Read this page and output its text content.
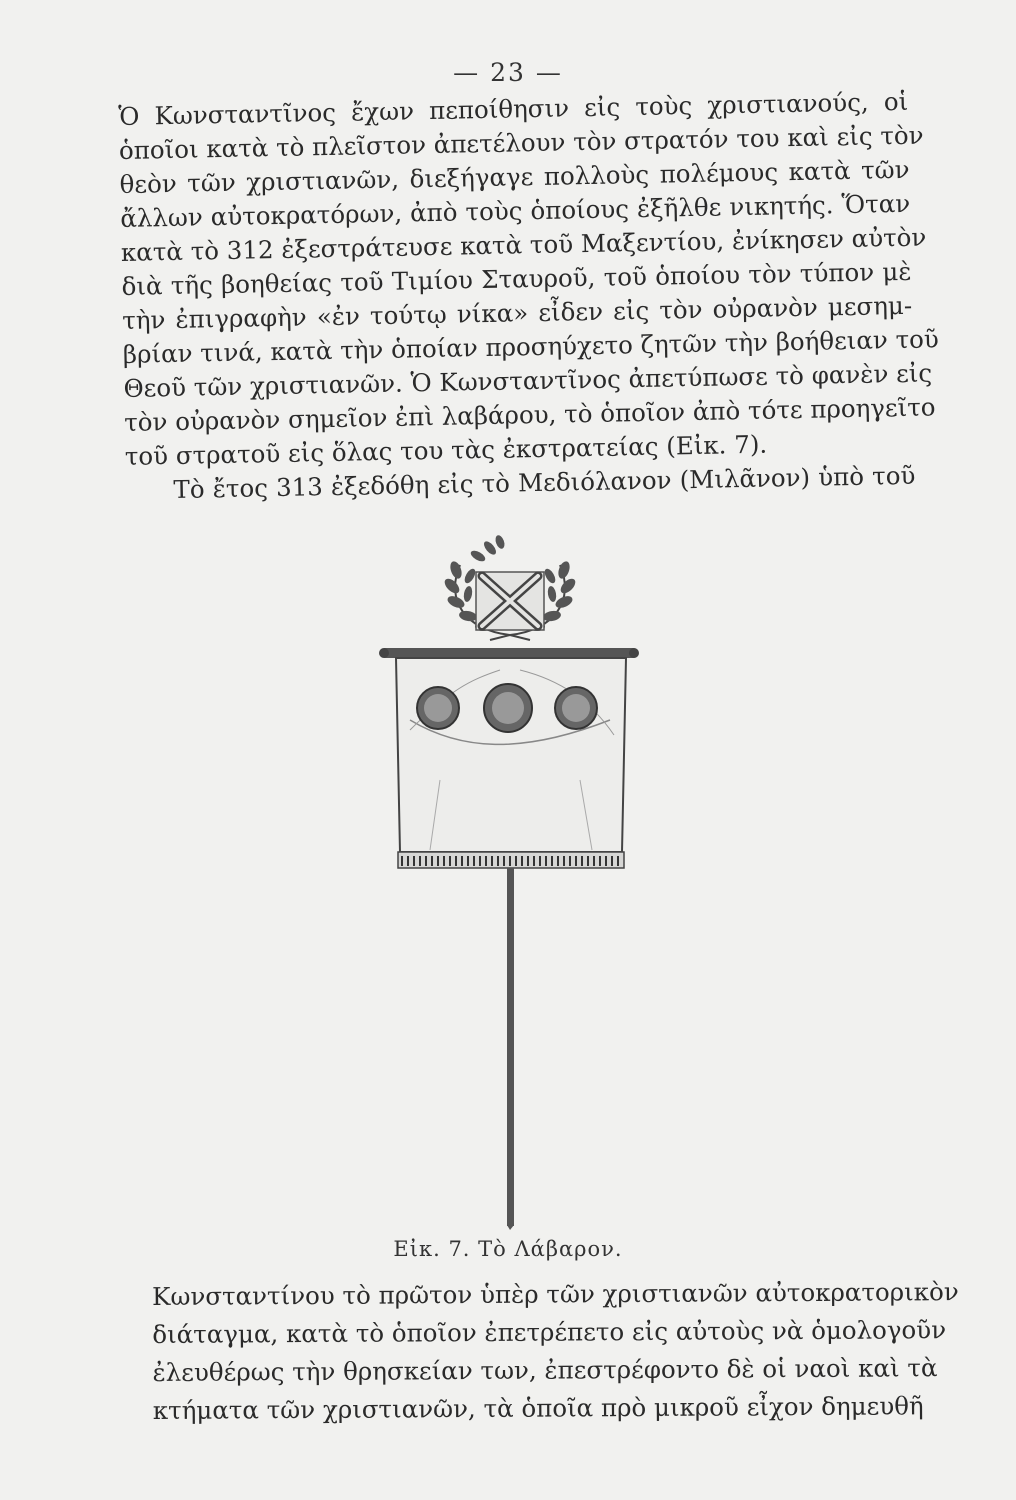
— 23 —
Ὁ Κωνσταντῖνος ἔχων πεποίθησιν εἰς τοὺς χριστιανούς, οἱ
ὁποῖοι κατὰ τὸ πλεῖστον ἀπετέλουν τὸν στρατόν του καὶ εἰς τὸν
θεὸν τῶν χριστιανῶν, διεξήγαγε πολλοὺς πολέμους κατὰ τῶν
ἄλλων αὐτοκρατόρων, ἀπὸ τοὺς ὁποίους ἐξῆλθε νικητής. Ὅταν
κατὰ τὸ 312 ἐξεστράτευσε κατὰ τοῦ Μαξεντίου, ἐνίκησεν αὐτὸν
διὰ τῆς βοηθείας τοῦ Τιμίου Σταυροῦ, τοῦ ὁποίου τὸν τύπον μὲ
τὴν ἐπιγραφὴν «ἐν τούτῳ νίκα» εἶδεν εἰς τὸν οὐρανὸν μεσημ-
βρίαν τινά, κατὰ τὴν ὁποίαν προσηύχετο ζητῶν τὴν βοήθειαν τοῦ
Θεοῦ τῶν χριστιανῶν. Ὁ Κωνσταντῖνος ἀπετύπωσε τὸ φανὲν εἰς
τὸν οὐρανὸν σημεῖον ἐπὶ λαβάρου, τὸ ὁποῖον ἀπὸ τότε προηγεῖτο
τοῦ στρατοῦ εἰς ὅλας του τὰς ἐκστρατείας (Εἰκ. 7).
Τὸ ἔτος 313 ἐξεδόθη εἰς τὸ Μεδιόλανον (Μιλᾶνον) ὑπὸ τοῦ
Εἰκ. 7. Τὸ Λάβαρον.
Κωνσταντίνου τὸ πρῶτον ὑπὲρ τῶν χριστιανῶν αὐτοκρατορικὸν
διάταγμα, κατὰ τὸ ὁποῖον ἐπετρέπετο εἰς αὐτοὺς νὰ ὁμολογοῦν
ἐλευθέρως τὴν θρησκείαν των, ἐπεστρέφοντο δὲ οἱ ναοὶ καὶ τὰ
κτήματα τῶν χριστιανῶν, τὰ ὁποῖα πρὸ μικροῦ εἶχον δημευθῆ
